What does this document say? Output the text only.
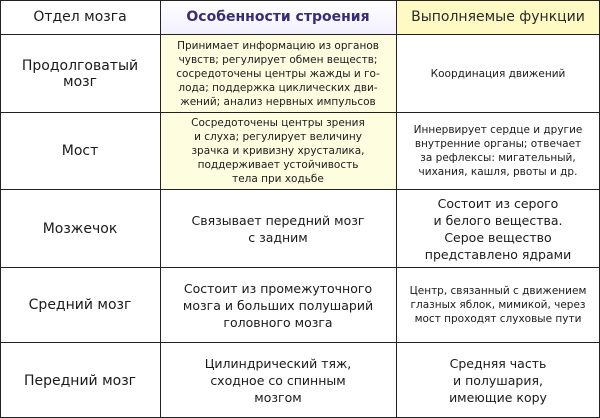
Отдел мозга	Особенности строения	Выполняемые функции
Продолговатый мозг
Принимает информацию из органов
чувств; регулирует обмен веществ;
сосредоточены центры жажды и го-
лода; поддержка циклических дви-
жений; анализ нервных импульсов
Координация движений
Мост
Сосредоточены центры зрения
и слуха; регулирует величину
зрачка и кривизну хрусталика,
поддерживает устойчивость
тела при ходьбе
Иннервирует сердце и другие
внутренние органы; отвечает
за рефлексы: мигательный,
чихания, кашля, рвоты и др.
Мозжечок
Связывает передний мозг
с задним
Состоит из серого
и белого вещества.
Серое вещество
представлено ядрами
Средний мозг
Состоит из промежуточного
мозга и больших полушарий
головного мозга
Центр, связанный с движением
глазных яблок, мимикой, через
мост проходят слуховые пути
Передний мозг
Цилиндрический тяж,
сходное со спинным
мозгом
Средняя часть
и полушария,
имеющие кору
